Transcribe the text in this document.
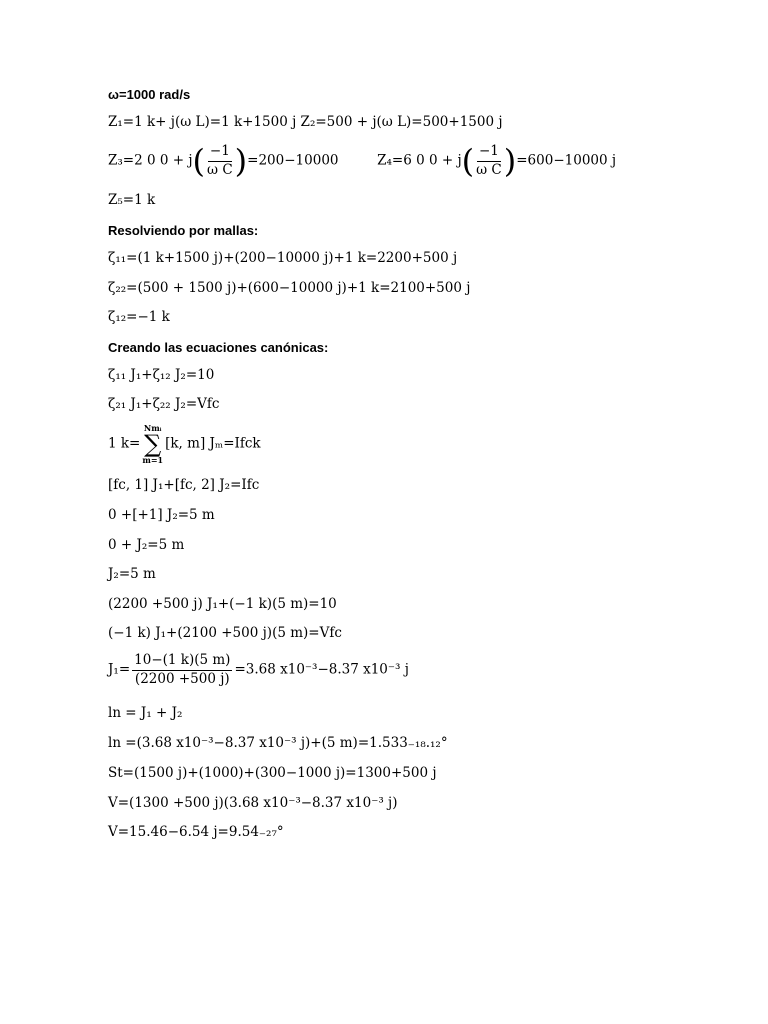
ω=1000 rad/s
Z₁=1 k+ j(ω L)=1 k+1500 j Z₂=500 + j(ω L)=500+1500 j
Z₃=2 0 $0 + j( \frac{-1}{\text{ω C}} )=200-10000$	Z₄=6 0 $0 + j( \frac{-1}{\text{ω C}} )=600-10000$ j
Z₅=1 k
Resolviendo por mallas:
ζ₁₁=(1 k+1500 j)+(200−10000 j)+1 k=2200+500 j
ζ₂₂=(500 + 1500 j)+(600−10000 j)+1 k=2100+500 j
ζ₁₂=−1 k
Creando las ecuaciones canónicas:
ζ₁₁ J₁+ζ₁₂ J₂=10
ζ₂₁ J₁+ζ₂₂ J₂=Vfc
1 k=
Nmᵢ
∑
m=1
[k, m] Jₘ=Ifck
[fc, 1] J₁+[fc, 2] J₂=Ifc
0 +[+1] J₂=5 m
0 + J₂=5 m
J₂=5 m
(2200 +500 j) J₁+(−1 k)(5 m)=10
(−1 k) J₁+(2100 +500 j)(5 m)=Vfc
$J_1= \frac{10-(1 k)(5 m)}{(2200 +500 j)} =3.68$ x10⁻³−8.37 x10⁻³ j
ln = J₁ + J₂
ln =(3.68 x10⁻³−8.37 x10⁻³ j)+(5 m)=1.533₋₁₈.₁₂°
St=(1500 j)+(1000)+(300−1000 j)=1300+500 j
V=(1300 +500 j)(3.68 x10⁻³−8.37 x10⁻³ j)
V=15.46−6.54 j=9.54₋₂₇°
